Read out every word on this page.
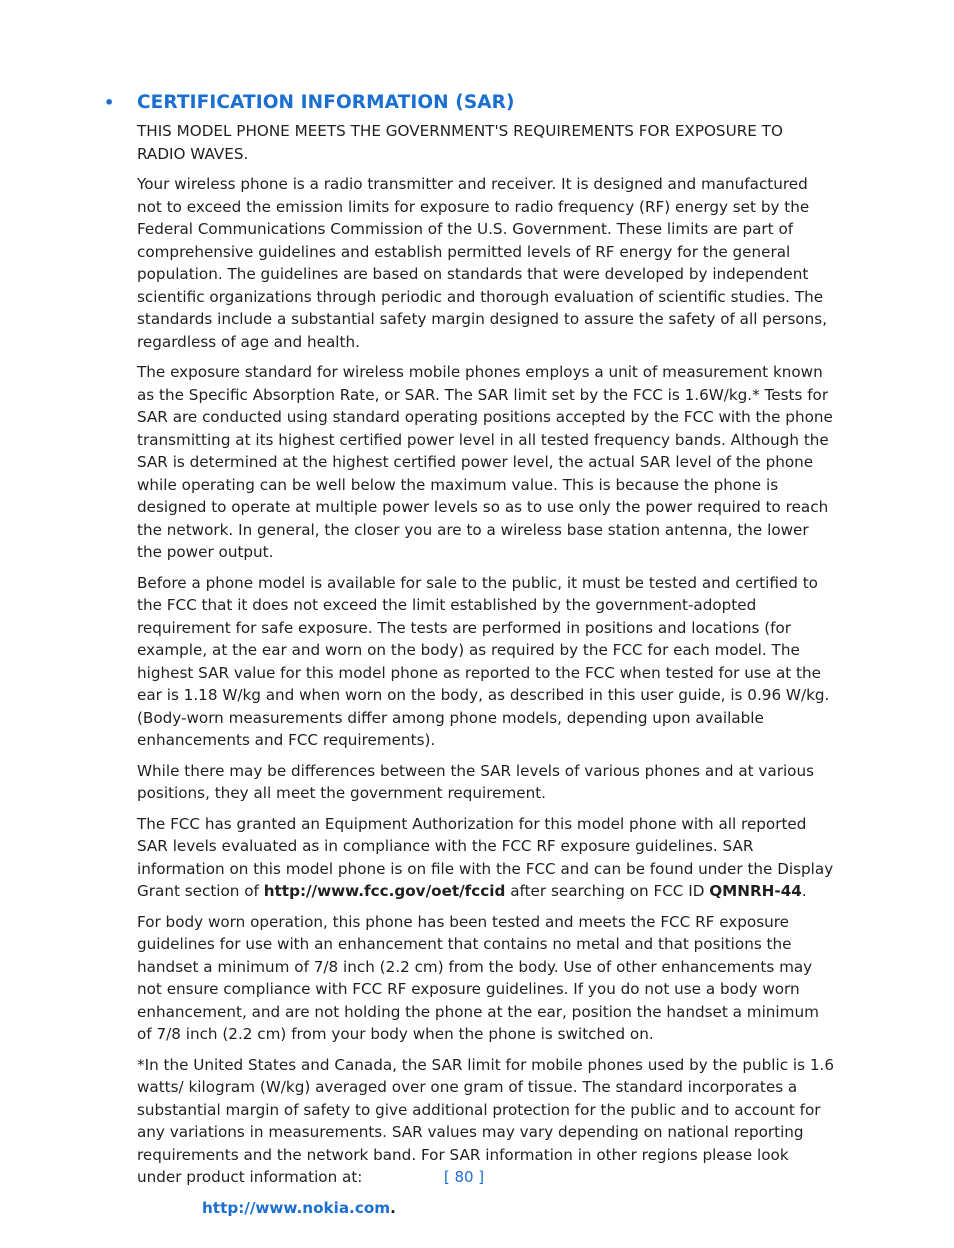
• CERTIFICATION INFORMATION (SAR)

THIS MODEL PHONE MEETS THE GOVERNMENT'S REQUIREMENTS FOR EXPOSURE TO
RADIO WAVES.

Your wireless phone is a radio transmitter and receiver. It is designed and manufactured not to exceed the emission limits for exposure to radio frequency (RF) energy set by the Federal Communications Commission of the U.S. Government. These limits are part of comprehensive guidelines and establish permitted levels of RF energy for the general population. The guidelines are based on standards that were developed by independent scientific organizations through periodic and thorough evaluation of scientific studies. The standards include a substantial safety margin designed to assure the safety of all persons, regardless of age and health.

The exposure standard for wireless mobile phones employs a unit of measurement known as the Specific Absorption Rate, or SAR. The SAR limit set by the FCC is 1.6W/kg.* Tests for SAR are conducted using standard operating positions accepted by the FCC with the phone transmitting at its highest certified power level in all tested frequency bands. Although the SAR is determined at the highest certified power level, the actual SAR level of the phone while operating can be well below the maximum value. This is because the phone is designed to operate at multiple power levels so as to use only the power required to reach the network. In general, the closer you are to a wireless base station antenna, the lower the power output.

Before a phone model is available for sale to the public, it must be tested and certified to the FCC that it does not exceed the limit established by the government-adopted requirement for safe exposure. The tests are performed in positions and locations (for example, at the ear and worn on the body) as required by the FCC for each model. The highest SAR value for this model phone as reported to the FCC when tested for use at the ear is 1.18 W/kg and when worn on the body, as described in this user guide, is 0.96 W/kg. (Body-worn measurements differ among phone models, depending upon available enhancements and FCC requirements).

While there may be differences between the SAR levels of various phones and at various positions, they all meet the government requirement.

The FCC has granted an Equipment Authorization for this model phone with all reported SAR levels evaluated as in compliance with the FCC RF exposure guidelines. SAR information on this model phone is on file with the FCC and can be found under the Display Grant section of http://www.fcc.gov/oet/fccid after searching on FCC ID QMNRH-44.

For body worn operation, this phone has been tested and meets the FCC RF exposure guidelines for use with an enhancement that contains no metal and that positions the handset a minimum of 7/8 inch (2.2 cm) from the body. Use of other enhancements may not ensure compliance with FCC RF exposure guidelines. If you do not use a body worn enhancement, and are not holding the phone at the ear, position the handset a minimum of 7/8 inch (2.2 cm) from your body when the phone is switched on.

*In the United States and Canada, the SAR limit for mobile phones used by the public is 1.6 watts/ kilogram (W/kg) averaged over one gram of tissue. The standard incorporates a substantial margin of safety to give additional protection for the public and to account for any variations in measurements. SAR values may vary depending on national reporting requirements and the network band. For SAR information in other regions please look under product information at:

http://www.nokia.com.

[ 80 ]
